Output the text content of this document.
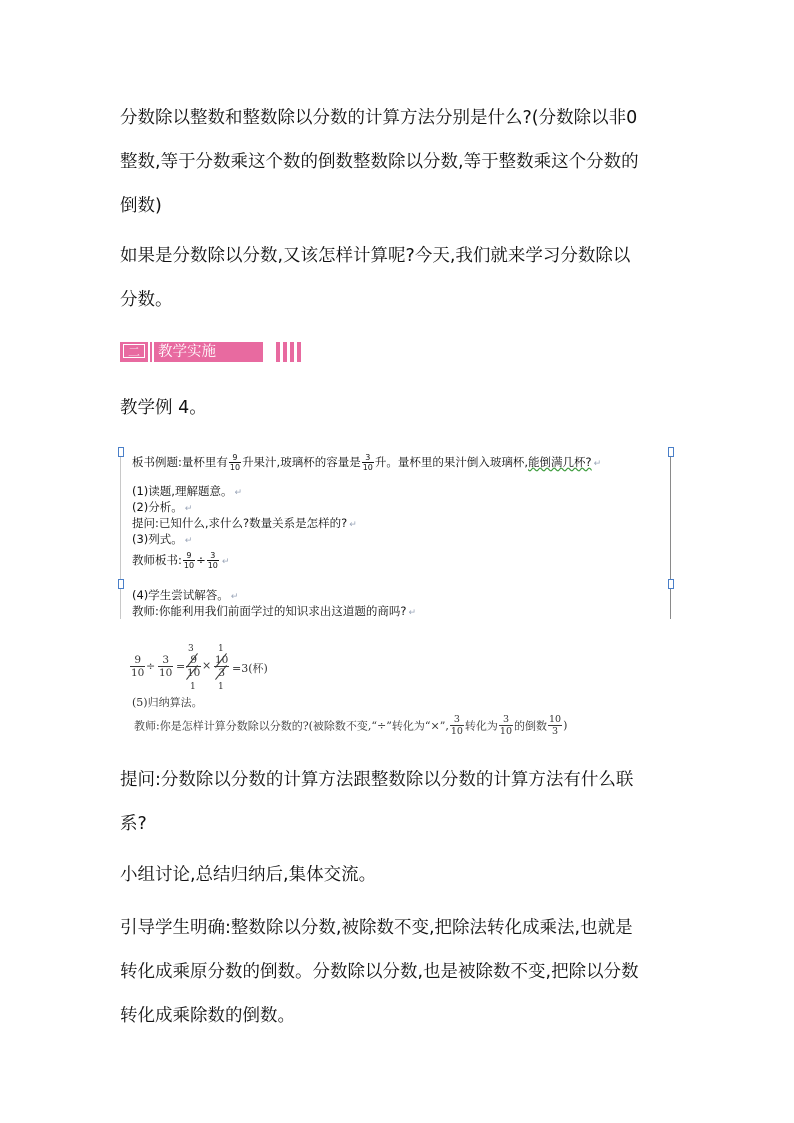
分数除以整数和整数除以分数的计算方法分别是什么?(分数除以非0
整数,等于分数乘这个数的倒数整数除以分数,等于整数乘这个分数的
倒数)
如果是分数除以分数,又该怎样计算呢?今天,我们就来学习分数除以
分数。
二	教学实施
教学例 4。
板书例题:量杯里有 $\frac{9}{10}$ 升果汁,玻璃杯的容量是 $\frac{3}{10}$ 升。量杯里的果汁倒入玻璃杯,能倒满几杯? ↵
(1)读题,理解题意。 ↵
(2)分析。 ↵
提问:已知什么,求什么?数量关系是怎样的? ↵
(3)列式。 ↵
教师板书: $\frac{9}{10} \div \frac{3}{10}$ ↵
(4)学生尝试解答。 ↵
教师:你能利用我们前面学过的知识求出这道题的商吗? ↵
$\frac{9}{10} \div \frac{3}{10}$ =
3
$\frac{9}{10}$
1
×
1
$\frac{10}{3}$
1
=3(杯)
(5)归纳算法。
教师:你是怎样计算分数除以分数的?(被除数不变,“÷”转化为“×”, $\frac{3}{10}$ 转化为 $\frac{3}{10}$ 的倒数 $\frac{10}{3}$ )
提问:分数除以分数的计算方法跟整数除以分数的计算方法有什么联
系?
小组讨论,总结归纳后,集体交流。
引导学生明确:整数除以分数,被除数不变,把除法转化成乘法,也就是
转化成乘原分数的倒数。分数除以分数,也是被除数不变,把除以分数
转化成乘除数的倒数。
